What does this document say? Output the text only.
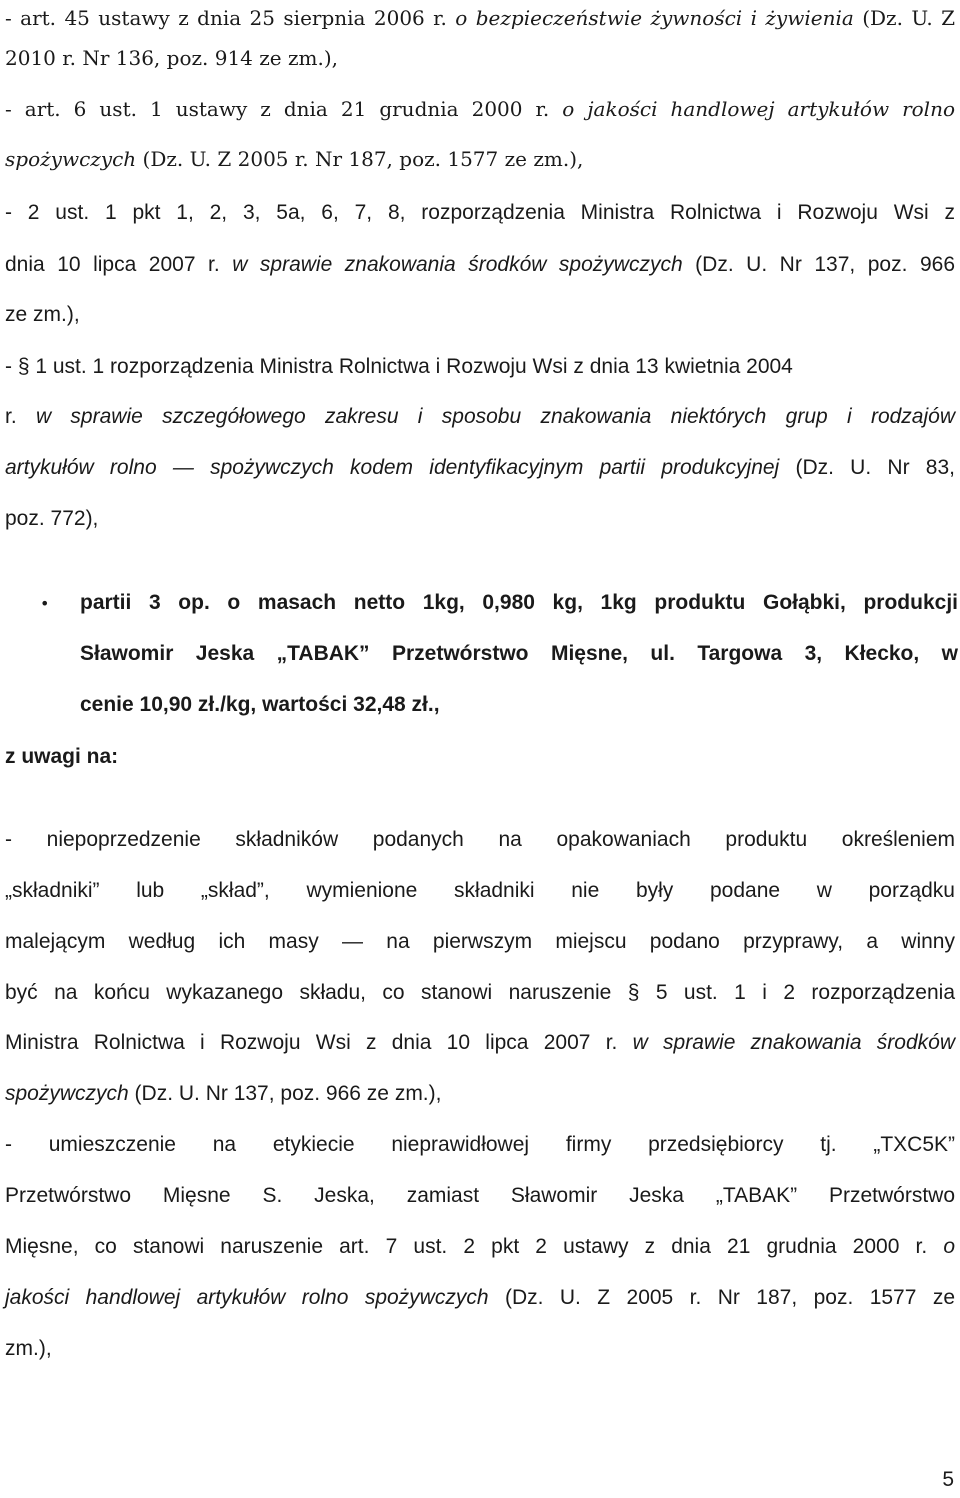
- art. 45 ustawy z dnia 25 sierpnia 2006 r. o bezpieczeństwie żywności i żywienia (Dz. U. Z
2010 r. Nr 136, poz. 914 ze zm.),
- art. 6 ust. 1 ustawy z dnia 21 grudnia 2000 r. o jakości handlowej artykułów rolno
spożywczych (Dz. U. Z 2005 r. Nr 187, poz. 1577 ze zm.),
- 2 ust. 1 pkt 1, 2, 3, 5a, 6, 7, 8, rozporządzenia Ministra Rolnictwa i Rozwoju Wsi z
dnia 10 lipca 2007 r. w sprawie znakowania środków spożywczych (Dz. U. Nr 137, poz. 966
ze zm.),
- § 1 ust. 1 rozporządzenia Ministra Rolnictwa i Rozwoju Wsi z dnia 13 kwietnia 2004
r. w sprawie szczegółowego zakresu i sposobu znakowania niektórych grup i rodzajów
artykułów rolno — spożywczych kodem identyfikacyjnym partii produkcyjnej (Dz. U. Nr 83,
poz. 772),
• partii 3 op. o masach netto 1kg, 0,980 kg, 1kg produktu Gołąbki, produkcji
Sławomir Jeska „TABAK” Przetwórstwo Mięsne, ul. Targowa 3, Kłecko, w
cenie 10,90 zł./kg, wartości 32,48 zł.,
z uwagi na:
- niepoprzedzenie składników podanych na opakowaniach produktu określeniem
„składniki” lub „skład”, wymienione składniki nie były podane w porządku
malejącym według ich masy — na pierwszym miejscu podano przyprawy, a winny
być na końcu wykazanego składu, co stanowi naruszenie § 5 ust. 1 i 2 rozporządzenia
Ministra Rolnictwa i Rozwoju Wsi z dnia 10 lipca 2007 r. w sprawie znakowania środków
spożywczych (Dz. U. Nr 137, poz. 966 ze zm.),
- umieszczenie na etykiecie nieprawidłowej firmy przedsiębiorcy tj. „TXC5K”
Przetwórstwo Mięsne S. Jeska, zamiast Sławomir Jeska „TABAK” Przetwórstwo
Mięsne, co stanowi naruszenie art. 7 ust. 2 pkt 2 ustawy z dnia 21 grudnia 2000 r. o
jakości handlowej artykułów rolno spożywczych (Dz. U. Z 2005 r. Nr 187, poz. 1577 ze
zm.),
5
